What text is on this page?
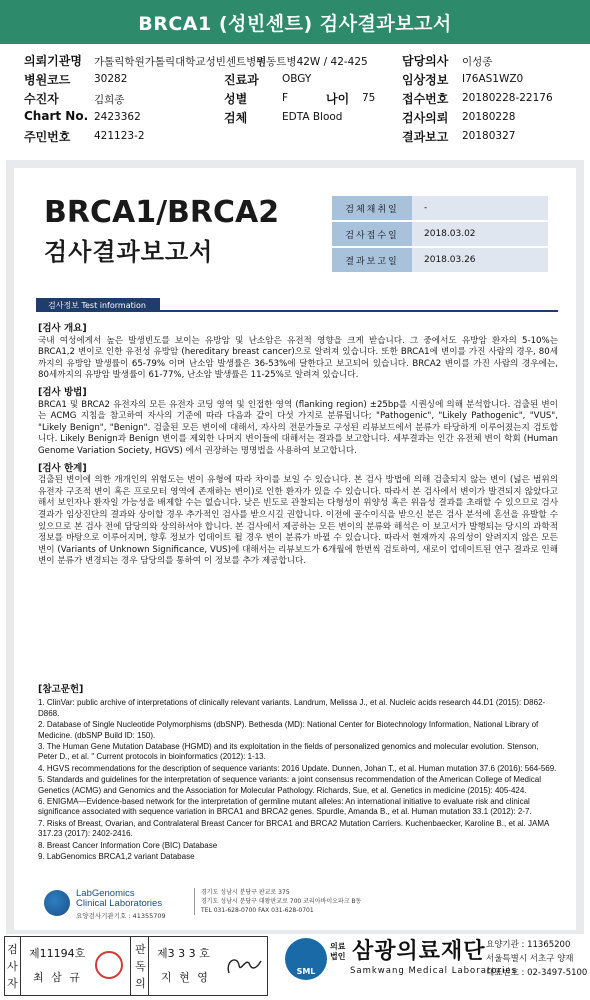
BRCA1 (성빈센트) 검사결과보고서
의뢰기관명 가톨릭학원가톨릭대학교성빈센트병원
병동트병42W / 42-425	담당의사 이성종
병원코드 30282	진료과 OBGY	임상정보 I76AS1WZ0
수진자	김희종	성별	F	나이 75 접수번호 20180228-22176
Chart No. 2423362	검체	EDTA Blood	검사의뢰 20180228
주민번호 421123-2	결과보고 20180327
BRCA1/BRCA2
검사결과보고서
검체채취일	-
검사접수일	2018.03.02
결과보고일	2018.03.26
검사정보 Test information
[검사 개요]

국내 여성에게서 높은 발생빈도를 보이는 유방암 및 난소암은 유전적 영향을 크게 받습니다. 그 중에서도 유방암 환자의 5-10%는 BRCA1,2 변이로 인한 유전성 유방암 (hereditary breast cancer)으로 알려져 있습니다. 또한 BRCA1에 변이를 가진 사람의 경우, 80세까지의 유방암 발생률이 65-79% 이며 난소암 발생률은 36-53%에 달한다고 보고되어 있습니다. BRCA2 변이를 가진 사람의 경우에는, 80세까지의 유방암 발생률이 61-77%, 난소암 발생률은 11-25%로 알려져 있습니다.

[검사 방법]

BRCA1 및 BRCA2 유전자의 모든 유전자 코딩 영역 및 인접한 영역 (flanking region) ±25bp를 시퀀싱에 의해 분석합니다. 검출된 변이는 ACMG 지침을 참고하여 자사의 기준에 따라 다음과 같이 다섯 가지로 분류됩니다; "Pathogenic", "Likely Pathogenic", "VUS", "Likely Benign", "Benign". 검출된 모든 변이에 대해서, 자사의 전문가들로 구성된 리뷰보드에서 분류가 타당하게 이루어졌는지 검토합니다. Likely Benign과 Benign 변이를 제외한 나머지 변이들에 대해서는 결과를 보고합니다. 세부결과는 인간 유전체 변이 학회 (Human Genome Variation Society, HGVS) 에서 권장하는 명명법을 사용하여 보고합니다.

[검사 한계]

검출된 변이에 의한 개개인의 위험도는 변이 유형에 따라 차이를 보일 수 있습니다. 본 검사 방법에 의해 검출되지 않는 변이 (넓은 범위의 유전자 구조적 변이 혹은 프로모터 영역에 존재하는 변이)로 인한 환자가 있을 수 있습니다. 따라서 본 검사에서 변이가 발견되지 않았다고 해서 보인자나 환자일 가능성을 배제할 수는 없습니다. 낮은 빈도로 관찰되는 다형성이 위양성 혹은 위음성 결과를 초래할 수 있으므로 검사결과가 임상진단의 결과와 상이할 경우 추가적인 검사를 받으시길 권합니다. 이전에 골수이식을 받으신 분은 검사 분석에 혼선을 유발할 수 있으므로 본 검사 전에 담당의와 상의하셔야 합니다. 본 검사에서 제공하는 모든 변이의 분류와 해석은 이 보고서가 발행되는 당시의 과학적 정보를 바탕으로 이루어지며, 향후 정보가 업데이트 될 경우 변이 분류가 바뀔 수 있습니다. 따라서 현재까지 유의성이 알려지지 않은 모든 변이 (Variants of Unknown Significance, VUS)에 대해서는 리뷰보드가 6개월에 한번씩 검토하여, 새로이 업데이트된 연구 결과로 인해 변이 분류가 변경되는 경우 담당의를 통하여 이 정보를 추가 제공합니다.

[참고문헌]
1. ClinVar: public archive of interpretations of clinically relevant variants. Landrum, Melissa J., et al. Nucleic acids research 44.D1 (2015): D862-D868.
2. Database of Single Nucleotide Polymorphisms (dbSNP). Bethesda (MD): National Center for Biotechnology Information, National Library of Medicine. (dbSNP Build ID: 150).
3. The Human Gene Mutation Database (HGMD) and its exploitation in the fields of personalized genomics and molecular evolution. Stenson, Peter D., et al. " Current protocols in bioinformatics (2012): 1-13.
4. HGVS recommendations for the description of sequence variants: 2016 Update. Dunnen, Johan T., et al. Human mutation 37.6 (2016): 564-569.
5. Standards and guidelines for the interpretation of sequence variants: a joint consensus recommendation of the American College of Medical Genetics (ACMG) and Genomics and the Association for Molecular Pathology. Richards, Sue, et al. Genetics in medicine (2015): 405-424.
6. ENIGMA—Evidence-based network for the interpretation of germline mutant alleles: An international initiative to evaluate risk and clinical significance associated with sequence variation in BRCA1 and BRCA2 genes. Spurdle, Amanda B., et al. Human mutation 33.1 (2012): 2-7.
7. Risks of Breast, Ovarian, and Contralateral Breast Cancer for BRCA1 and BRCA2 Mutation Carriers. Kuchenbaecker, Karoline B., et al. JAMA 317.23 (2017): 2402-2416.
8. Breast Cancer Information Core (BIC) Database
9. LabGenomics BRCA1,2 variant Database
LabGenomics
Clinical Laboratories
요양검사기관기호 : 41355709
경기도 성남시 분당구 판교로 375
경기도 성남시 분당구 대왕판교로 700 코리아바이오파크 B동
TEL 031-628-0700 FAX 031-628-0701
검사자
제11194호
최 삼 규
판독의
제3 3 3 호
지 현 영	SML
의료
법인 삼광의료재단
Samkwang Medical Laboratories
요양기관 : 11365200
서울특별시 서초구 양재
대표번호 : 02-3497-5100
